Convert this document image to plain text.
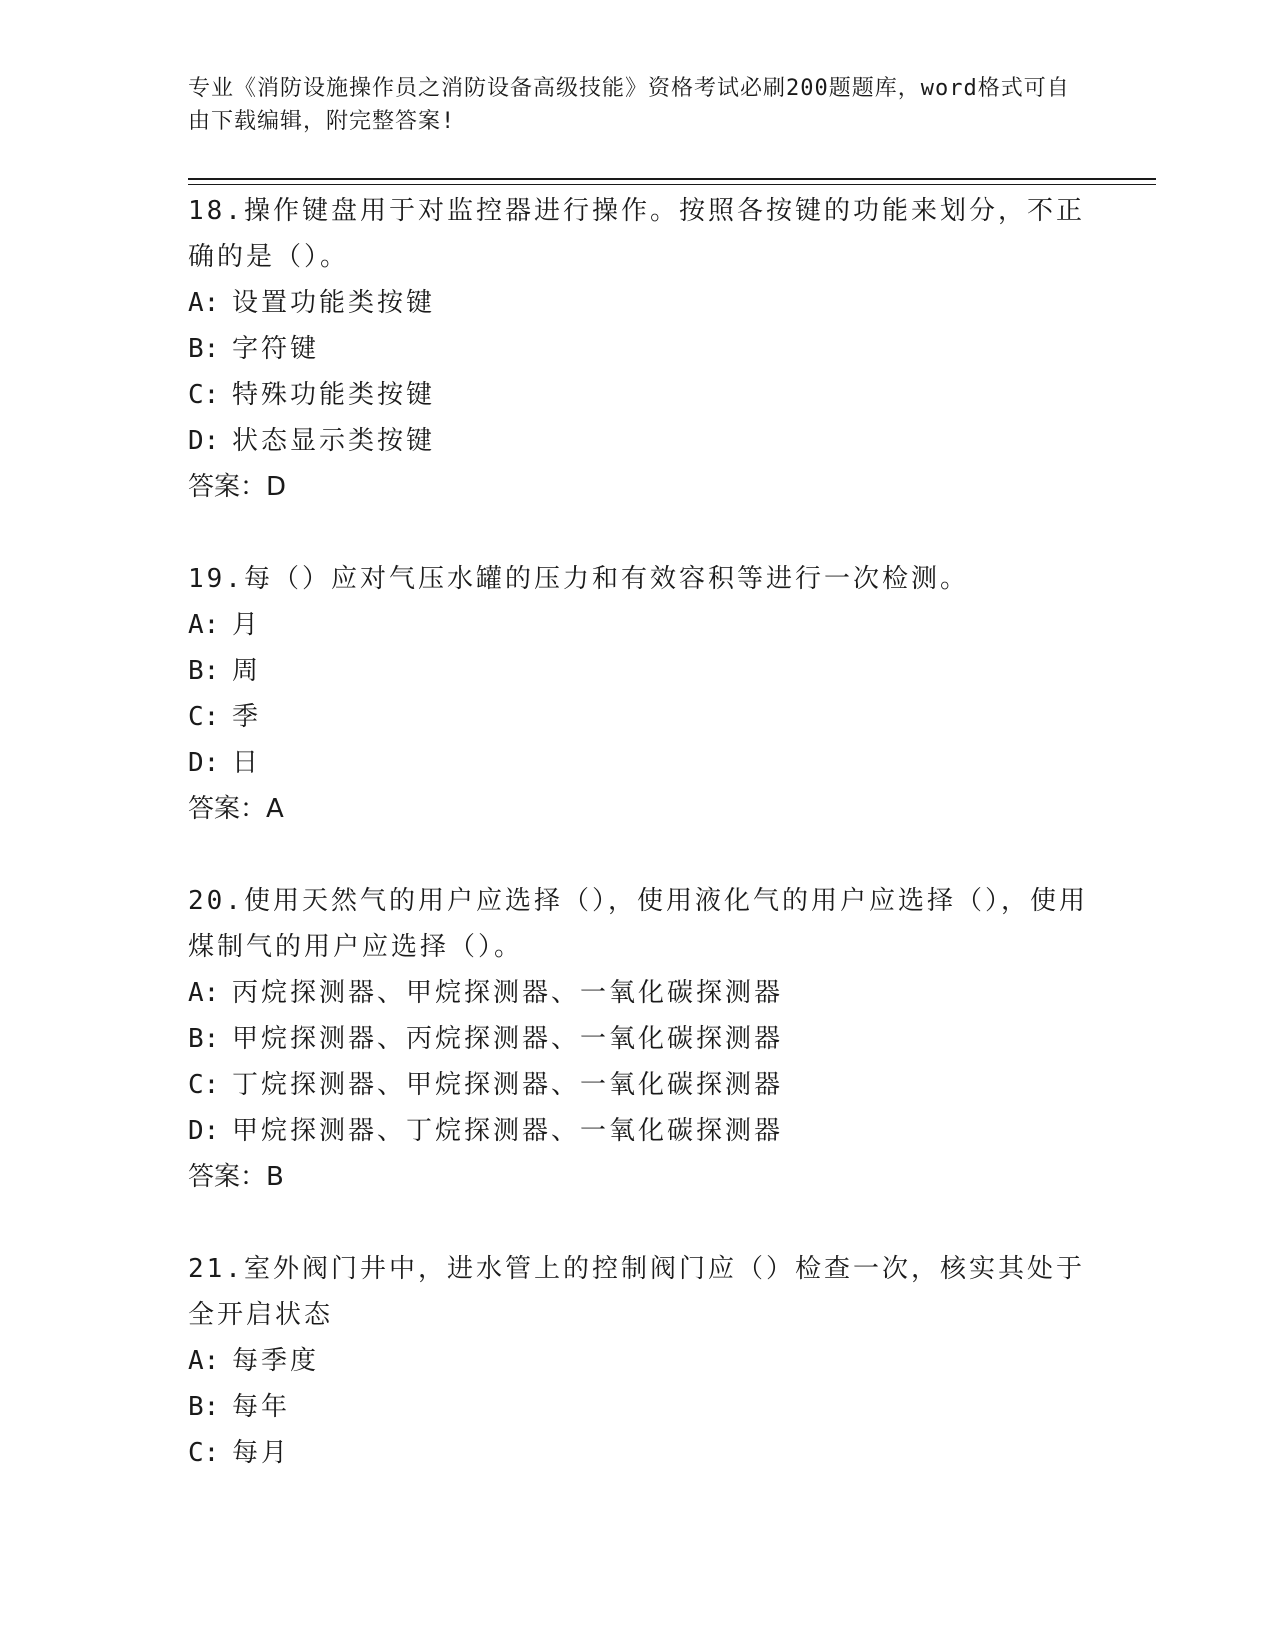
专业《消防设施操作员之消防设备高级技能》资格考试必刷200题题库，word格式可自由下载编辑，附完整答案!

18.操作键盘用于对监控器进行操作。按照各按键的功能来划分，不正确的是（）。

A: 设置功能类按键

B: 字符键

C: 特殊功能类按键

D: 状态显示类按键

答案：D

19.每（）应对气压水罐的压力和有效容积等进行一次检测。

A: 月

B: 周

C: 季

D: 日

答案：A

20.使用天然气的用户应选择（），使用液化气的用户应选择（），使用煤制气的用户应选择（）。

A: 丙烷探测器、甲烷探测器、一氧化碳探测器

B: 甲烷探测器、丙烷探测器、一氧化碳探测器

C: 丁烷探测器、甲烷探测器、一氧化碳探测器

D: 甲烷探测器、丁烷探测器、一氧化碳探测器

答案：B

21.室外阀门井中，进水管上的控制阀门应（）检查一次，核实其处于全开启状态

A: 每季度

B: 每年

C: 每月
